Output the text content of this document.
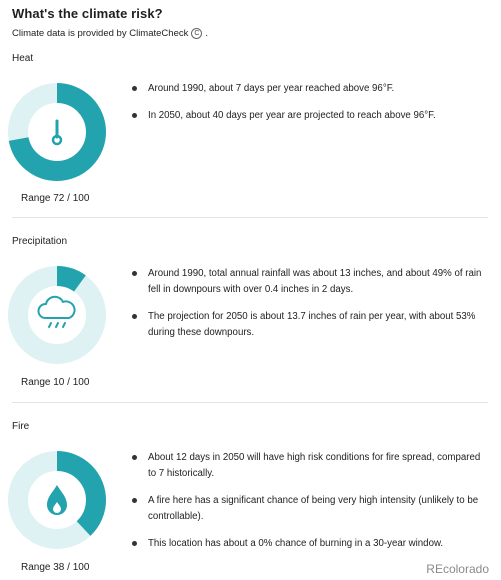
What's the climate risk?
Climate data is provided by ClimateCheck C .
Heat
Range 72 / 100
Around 1990, about 7 days per year reached above 96°F.
In 2050, about 40 days per year are projected to reach above 96°F.
Precipitation
Range 10 / 100
Around 1990, total annual rainfall was about 13 inches, and about 49% of rain fell in downpours with over 0.4 inches in 2 days.
The projection for 2050 is about 13.7 inches of rain per year, with about 53% during these downpours.
Fire
Range 38 / 100
About 12 days in 2050 will have high risk conditions for fire spread, compared to 7 historically.
A fire here has a significant chance of being very high intensity (unlikely to be controllable).
This location has about a 0% chance of burning in a 30-year window.
REcolorado
